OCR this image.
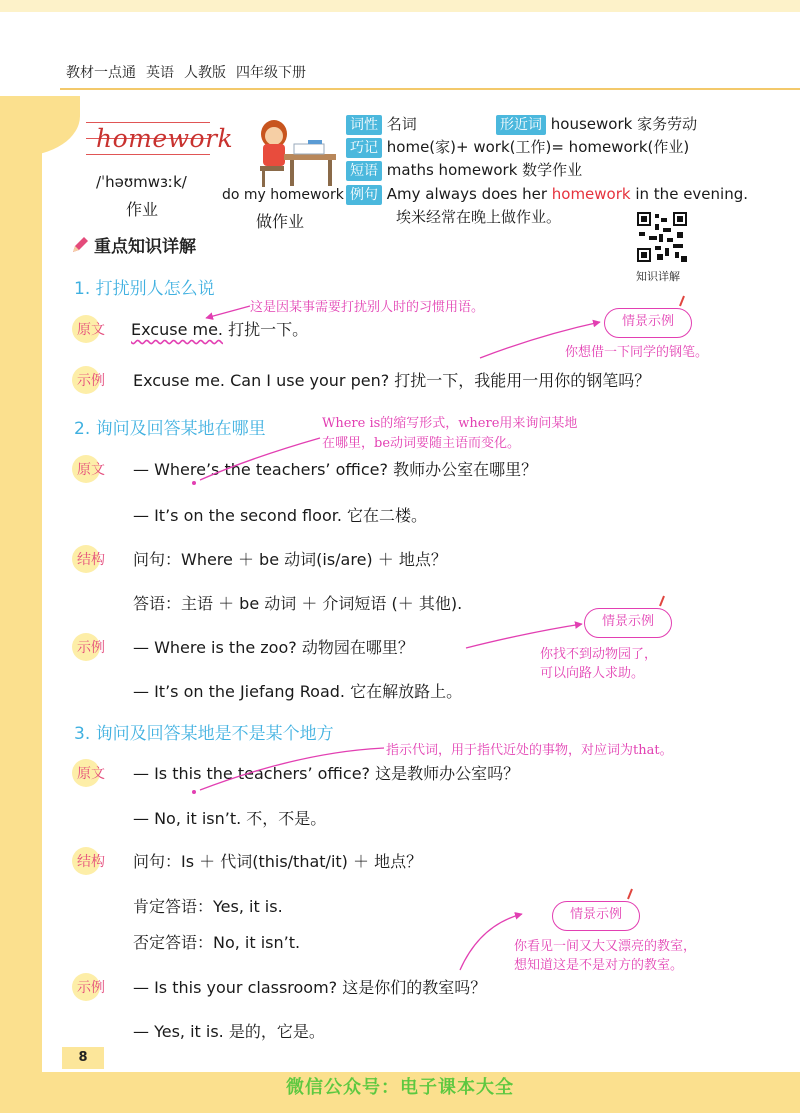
教材一点通 英语 人教版 四年级下册
homework
/ˈhəʊmwɜːk/
作业
do my homework
做作业
词性 名词	形近词 housework 家务劳动
巧记 home(家)+ work(工作)= homework(作业)
短语 maths homework 数学作业
例句 Amy always does her homework in the evening.
埃米经常在晚上做作业。
知识详解
重点知识详解
1. 打扰别人怎么说
这是因某事需要打扰别人时的习惯用语。
原文 Excuse me. 打扰一下。	情景示例
你想借一下同学的钢笔。
示例 Excuse me. Can I use your pen? 打扰一下，我能用一用你的钢笔吗？
2. 询问及回答某地在哪里	Where is的缩写形式，where用来询问某地
在哪里，be动词要随主语而变化。
原文 — Where’s the teachers’ office? 教师办公室在哪里？
— It’s on the second floor. 它在二楼。
结构 问句：Where ＋ be 动词(is/are) ＋ 地点？
答语：主语 ＋ be 动词 ＋ 介词短语 (＋ 其他).
情景示例
你找不到动物园了，
可以向路人求助。
示例 — Where is the zoo? 动物园在哪里？
— It’s on the Jiefang Road. 它在解放路上。
3. 询问及回答某地是不是某个地方
指示代词，用于指代近处的事物，对应词为that。
原文 — Is this the teachers’ office? 这是教师办公室吗？
— No, it isn’t. 不，不是。
结构 问句：Is ＋ 代词(this/that/it) ＋ 地点？
肯定答语：Yes, it is.
否定答语：No, it isn’t.
情景示例
你看见一间又大又漂亮的教室，
想知道这是不是对方的教室。
示例 — Is this your classroom? 这是你们的教室吗？
— Yes, it is. 是的，它是。
8
微信公众号：电子课本大全
